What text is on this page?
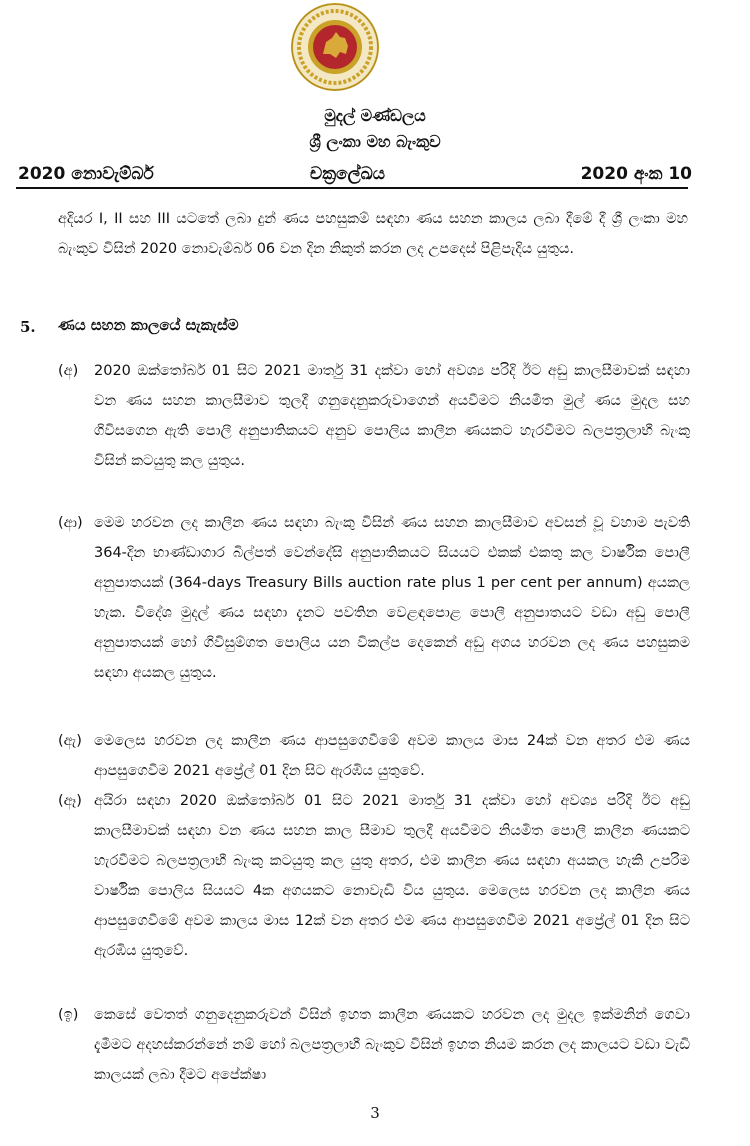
මුදල් මණ්ඩලය
ශ්‍රී ලංකා මහ බැංකුව
2020 නොවැම්බර්	චක්‍රලේඛය	2020 අංක 10
අදියර I, II සහ III යටතේ ලබා දුන් ණය පහසුකම් සඳහා ණය සහන කාලය ලබා දීමේ දී ශ්‍රී ලංකා මහ බැංකුව විසින් 2020 නොවැම්බර් 06 වන දින නිකුත් කරන ලද උපදෙස් පිළිපැදිය යුතුය.
5. ණය සහන කාලයේ සැකැස්ම
(අ) 2020 ඔක්තෝබර් 01 සිට 2021 මාර්තු 31 දක්වා හෝ අවශ්‍ය පරිදි ඊට අඩු කාලසීමාවක් සඳහා වන ණය සහන කාලසීමාව තුලදී ගනුදෙනුකරුවාගෙන් අයවීමට නියමිත මුල් ණය මුදල සහ ගිවිසගෙන ඇති පොලී අනුපාතිකයට අනුව පොලිය කාලීන ණයකට හැරවීමට බලපත්‍රලාභී බැංකු විසින් කටයුතු කල යුතුය.
(ආ) මෙම හරවන ලද කාලීන ණය සඳහා බැංකු විසින් ණය සහන කාලසීමාව අවසන් වූ වහාම පැවති 364-දින භාණ්ඩාගාර බිල්පත් වෙන්දේසි අනුපාතිකයට සියයට එකක් එකතු කල වාර්ෂික පොලී අනුපාතයක් (364-days Treasury Bills auction rate plus 1 per cent per annum) අයකල හැක. විදේශ මුදල් ණය සඳහා දැනට පවතින වෙළඳපොළ පොලී අනුපාතයට වඩා අඩු පොලී අනුපාතයක් හෝ ගිවිසුම්ගත පොලිය යන විකල්ප දෙකෙන් අඩු අගය හරවන ලද ණය පහසුකම සඳහා අයකල යුතුය.
(ඇ) මෙලෙස හරවන ලද කාලීන ණය ආපසුගෙවීමේ අවම කාලය මාස 24ක් වන අතර එම ණය ආපසුගෙවීම 2021 අප්‍රේල් 01 දින සිට ඇරඹිය යුතුවේ.
(ඈ) අයිරා සඳහා 2020 ඔක්තෝබර් 01 සිට 2021 මාර්තු 31 දක්වා හෝ අවශ්‍ය පරිදි ඊට අඩු කාලසීමාවක් සඳහා වන ණය සහන කාල සීමාව තුලදී අයවීමට නියමිත පොලී කාලීන ණයකට හැරවීමට බලපත්‍රලාභී බැංකු කටයුතු කල යුතු අතර, එම කාලීන ණය සඳහා අයකල හැකි උපරිම වාර්ෂික පොලිය සියයට 4ක අගයකට නොවැඩි විය යුතුය. මෙලෙස හරවන ලද කාලීන ණය ආපසුගෙවීමේ අවම කාලය මාස 12ක් වන අතර එම ණය ආපසුගෙවීම 2021 අප්‍රේල් 01 දින සිට ඇරඹිය යුතුවේ.
(ඉ) කෙසේ වෙතත් ගනුදෙනුකරුවන් විසින් ඉහත කාලීන ණයකට හරවන ලද මුදල ඉක්මනින් ගෙවා දැමීමට අදහස්කරන්නේ නම් හෝ බලපත්‍රලාභී බැංකුව විසින් ඉහත නියම කරන ලද කාලයට වඩා වැඩි කාලයක් ලබා දීමට අපේක්ෂා
3
